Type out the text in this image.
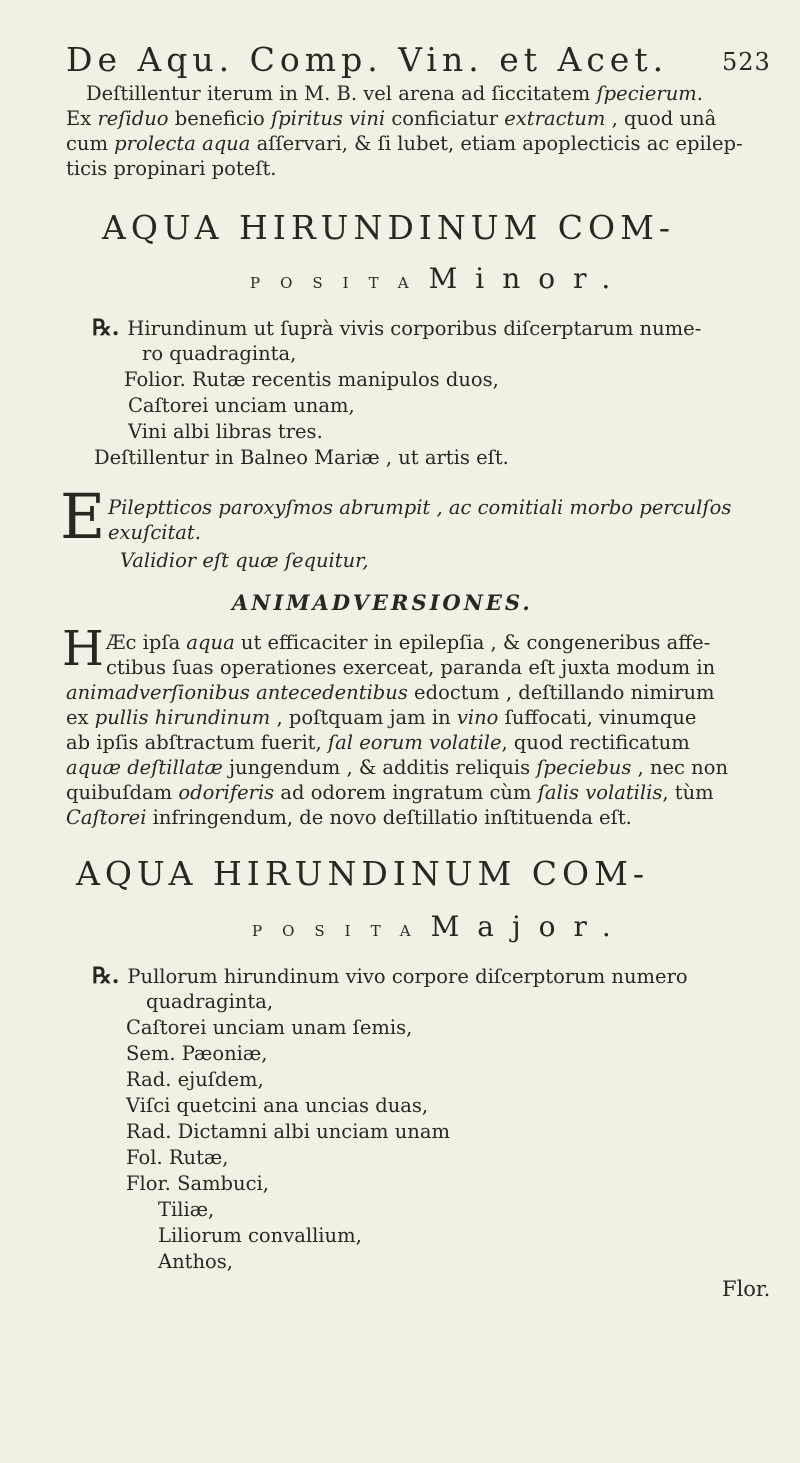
De Aqu. Comp. Vin. et Acet.	523
Deſtillentur iterum in M. B. vel arena ad ſiccitatem ſpecierum.
Ex reſiduo beneficio ſpiritus vini conficiatur extractum , quod unâ
cum prolecta aqua aſſervari, & ſi lubet, etiam apoplecticis ac epilep-
ticis propinari poteſt.
AQUA HIRUNDINUM COM-
POSITAMinor.
℞. Hirundinum ut ſuprà vivis corporibus diſcerptarum nume-
ro quadraginta,
Folior. Rutæ recentis manipulos duos,
Caſtorei unciam unam,
Vini albi libras tres.
Deſtillentur in Balneo Mariæ , ut artis eſt.
E Pileptticos paroxyſmos abrumpit , ac comitiali morbo perculſos
exuſcitat.
Validior eſt quæ ſequitur,
ANIMADVERSIONES.
H Æc ipſa aqua ut efficaciter in epilepſia , & congeneribus affe-
ctibus ſuas operationes exerceat, paranda eſt juxta modum in
animadverſionibus antecedentibus edoctum , deſtillando nimirum
ex pullis hirundinum , poſtquam jam in vino ſuffocati, vinumque
ab ipſis abſtractum fuerit, ſal eorum volatile, quod rectificatum
aquæ deſtillatæ jungendum , & additis reliquis ſpeciebus , nec non
quibuſdam odoriferis ad odorem ingratum cùm ſalis volatilis, tùm
Caſtorei infringendum, de novo deſtillatio inſtituenda eſt.
AQUA HIRUNDINUM COM-
POSITAMajor.
℞. Pullorum hirundinum vivo corpore diſcerptorum numero
quadraginta,
Caſtorei unciam unam ſemis,
Sem. Pæoniæ,
Rad. ejuſdem,
Viſci quetcini ana uncias duas,
Rad. Dictamni albi unciam unam
Fol. Rutæ,
Flor. Sambuci,
Tiliæ,
Liliorum convallium,
Anthos,
Flor.
